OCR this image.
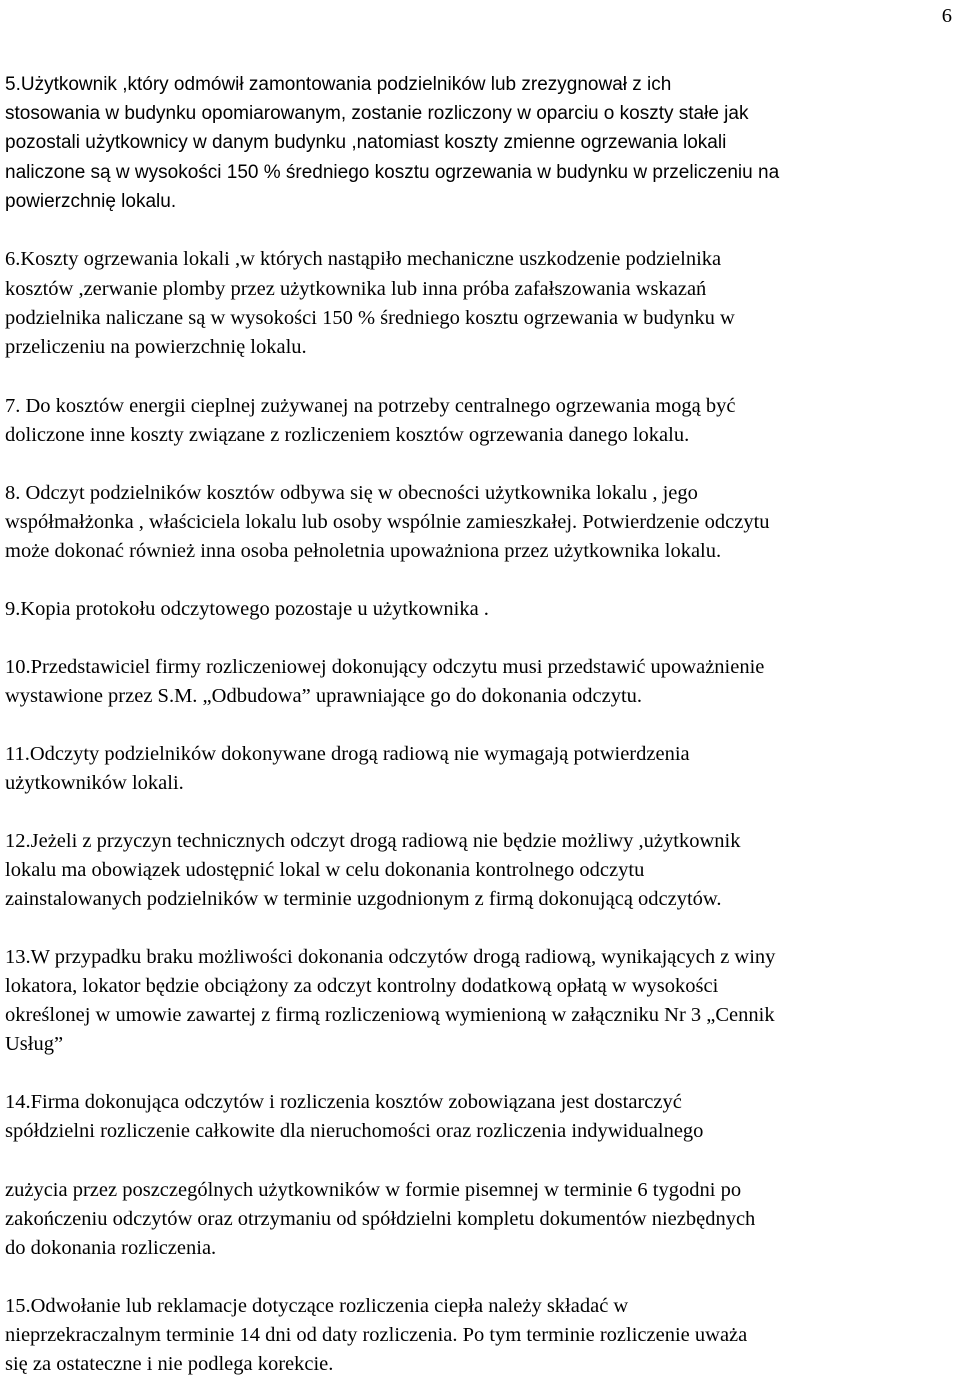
6
5.Użytkownik ,który odmówił zamontowania podzielników lub zrezygnował z ich
stosowania w budynku opomiarowanym, zostanie rozliczony w oparciu o koszty stałe jak
pozostali użytkownicy w danym budynku ,natomiast koszty zmienne ogrzewania lokali
naliczone są w wysokości 150 % średniego kosztu ogrzewania w budynku w przeliczeniu na
powierzchnię lokalu.
6.Koszty ogrzewania lokali ,w których nastąpiło mechaniczne uszkodzenie podzielnika
kosztów ,zerwanie plomby przez użytkownika lub inna próba zafałszowania wskazań
podzielnika naliczane są w wysokości 150 % średniego kosztu ogrzewania w budynku w
przeliczeniu na powierzchnię lokalu.
7. Do kosztów energii cieplnej zużywanej na potrzeby centralnego ogrzewania mogą być
doliczone inne koszty związane z rozliczeniem kosztów ogrzewania danego lokalu.
8. Odczyt podzielników kosztów odbywa się w obecności użytkownika lokalu , jego
współmałżonka , właściciela lokalu lub osoby wspólnie zamieszkałej. Potwierdzenie odczytu
może dokonać również inna osoba pełnoletnia upoważniona przez użytkownika lokalu.
9.Kopia protokołu odczytowego pozostaje u użytkownika .
10.Przedstawiciel firmy rozliczeniowej dokonujący odczytu musi przedstawić upoważnienie
wystawione przez S.M. „Odbudowa” uprawniające go do dokonania odczytu.
11.Odczyty podzielników dokonywane drogą radiową nie wymagają potwierdzenia
użytkowników lokali.
12.Jeżeli z przyczyn technicznych odczyt drogą radiową nie będzie możliwy ,użytkownik
lokalu ma obowiązek udostępnić lokal w celu dokonania kontrolnego odczytu
zainstalowanych podzielników w terminie uzgodnionym z firmą dokonującą odczytów.
13.W przypadku braku możliwości dokonania odczytów drogą radiową, wynikających z winy
lokatora, lokator będzie obciążony za odczyt kontrolny dodatkową opłatą w wysokości
określonej w umowie zawartej z firmą rozliczeniową wymienioną w załączniku Nr 3 „Cennik
Usług”
14.Firma dokonująca odczytów i rozliczenia kosztów zobowiązana jest dostarczyć
spółdzielni rozliczenie całkowite dla nieruchomości oraz rozliczenia indywidualnego
zużycia przez poszczególnych użytkowników w formie pisemnej w terminie 6 tygodni po
zakończeniu odczytów oraz otrzymaniu od spółdzielni kompletu dokumentów niezbędnych
do dokonania rozliczenia.
15.Odwołanie lub reklamacje dotyczące rozliczenia ciepła należy składać w
nieprzekraczalnym terminie 14 dni od daty rozliczenia. Po tym terminie rozliczenie uważa
się za ostateczne i nie podlega korekcie.
